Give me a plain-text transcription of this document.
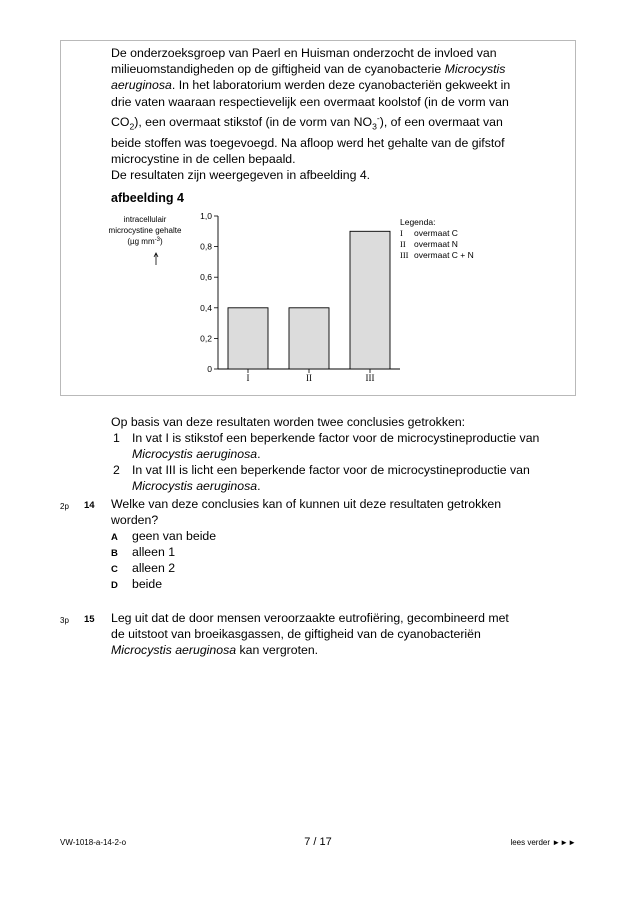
De onderzoeksgroep van Paerl en Huisman onderzocht de invloed van

milieuomstandigheden op de giftigheid van de cyanobacterie Microcystis

aeruginosa. In het laboratorium werden deze cyanobacteriën gekweekt in

drie vaten waaraan respectievelijk een overmaat koolstof (in de vorm van

$CO_2$), een overmaat stikstof (in de vorm van $NO_3^-$), of een overmaat van

beide stoffen was toegevoegd. Na afloop werd het gehalte van de gifstof

microcystine in de cellen bepaald.

De resultaten zijn weergegeven in afbeelding 4.

afbeelding 4
intracellulair
microcystine gehalte
(µg $mm^{-3}$)
0
0,2
0,4
0,6
0,8
1,0
I	II	III
Legenda:
I overmaat C
II overmaat N
III overmaat C + N
Op basis van deze resultaten worden twee conclusies getrokken:
1 In vat I is stikstof een beperkende factor voor de microcystineproductie van Microcystis aeruginosa.
2 In vat III is licht een beperkende factor voor de microcystineproductie van Microcystis aeruginosa.
2p 14 Welke van deze conclusies kan of kunnen uit deze resultaten getrokken
worden?
A geen van beide
B alleen 1
C alleen 2
D beide
3p 15 Leg uit dat de door mensen veroorzaakte eutrofiëring, gecombineerd met
de uitstoot van broeikasgassen, de giftigheid van de cyanobacteriën
Microcystis aeruginosa kan vergroten.
VW-1018-a-14-2-o	7 / 17	lees verder ►►►
